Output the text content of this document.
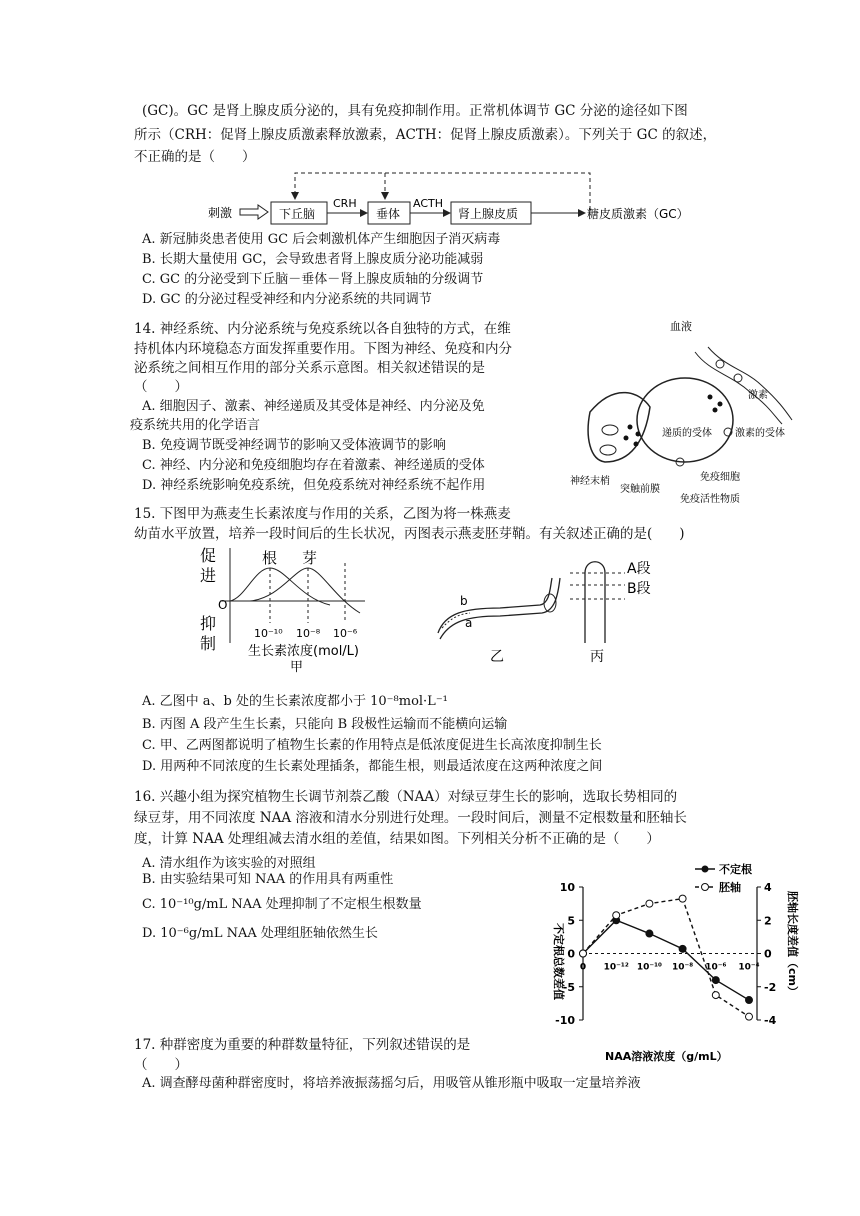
(GC)。GC 是肾上腺皮质分泌的，具有免疫抑制作用。正常机体调节 GC 分泌的途径如下图
所示（CRH：促肾上腺皮质激素释放激素，ACTH：促肾上腺皮质激素）。下列关于 GC 的叙述，
不正确的是（　　）
刺激	下丘脑
CRH
垂体
ACTH
肾上腺皮质	糖皮质激素（GC）
A. 新冠肺炎患者使用 GC 后会刺激机体产生细胞因子消灭病毒
B. 长期大量使用 GC，会导致患者肾上腺皮质分泌功能减弱
C. GC 的分泌受到下丘脑－垂体－肾上腺皮质轴的分级调节
D. GC 的分泌过程受神经和内分泌系统的共同调节
14. 神经系统、内分泌系统与免疫系统以各自独特的方式，在维
持机体内环境稳态方面发挥重要作用。下图为神经、免疫和内分
泌系统之间相互作用的部分关系示意图。相关叙述错误的是
（　　）
A. 细胞因子、激素、神经递质及其受体是神经、内分泌及免
疫系统共用的化学语言
B. 免疫调节既受神经调节的影响又受体液调节的影响
C. 神经、内分泌和免疫细胞均存在着激素、神经递质的受体
D. 神经系统影响免疫系统，但免疫系统对神经系统不起作用
血液
激素
递质的受体 激素的受体
神经末梢
突触前膜
免疫细胞
免疫活性物质
15. 下图甲为燕麦生长素浓度与作用的关系，乙图为将一株燕麦
幼苗水平放置，培养一段时间后的生长状况，丙图表示燕麦胚芽鞘。有关叙述正确的是(　　)
促
进
抑
制
O
根 芽
10⁻¹⁰ 10⁻⁸ 10⁻⁶
生长素浓度(mol/L)
甲
b
a
乙
A段
B段
丙
A. 乙图中 a、b 处的生长素浓度都小于 10⁻⁸mol·L⁻¹
B. 丙图 A 段产生生长素，只能向 B 段极性运输而不能横向运输
C. 甲、乙两图都说明了植物生长素的作用特点是低浓度促进生长高浓度抑制生长
D. 用两种不同浓度的生长素处理插条，都能生根，则最适浓度在这两种浓度之间
16. 兴趣小组为探究植物生长调节剂萘乙酸（NAA）对绿豆芽生长的影响，选取长势相同的
绿豆芽，用不同浓度 NAA 溶液和清水分别进行处理。一段时间后，测量不定根数量和胚轴长
度，计算 NAA 处理组减去清水组的差值，结果如图。下列相关分析不正确的是（　　）
A. 清水组作为该实验的对照组
B. 由实验结果可知 NAA 的作用具有两重性
C. 10⁻¹⁰g/mL NAA 处理抑制了不定根生根数量
D. 10⁻⁶g/mL NAA 处理组胚轴依然生长
10
5
0
-5
-10
4
2
0
-2
-4
0 10⁻¹² 10⁻¹⁰ 10⁻⁸ 10⁻⁶ 10⁻⁴
不定根总数差值	胚轴长度差值（cm）
NAA溶液浓度（g/mL）
不定根
胚轴
17. 种群密度为重要的种群数量特征，下列叙述错误的是
（　　）
A. 调查酵母菌种群密度时，将培养液振荡摇匀后，用吸管从锥形瓶中吸取一定量培养液
